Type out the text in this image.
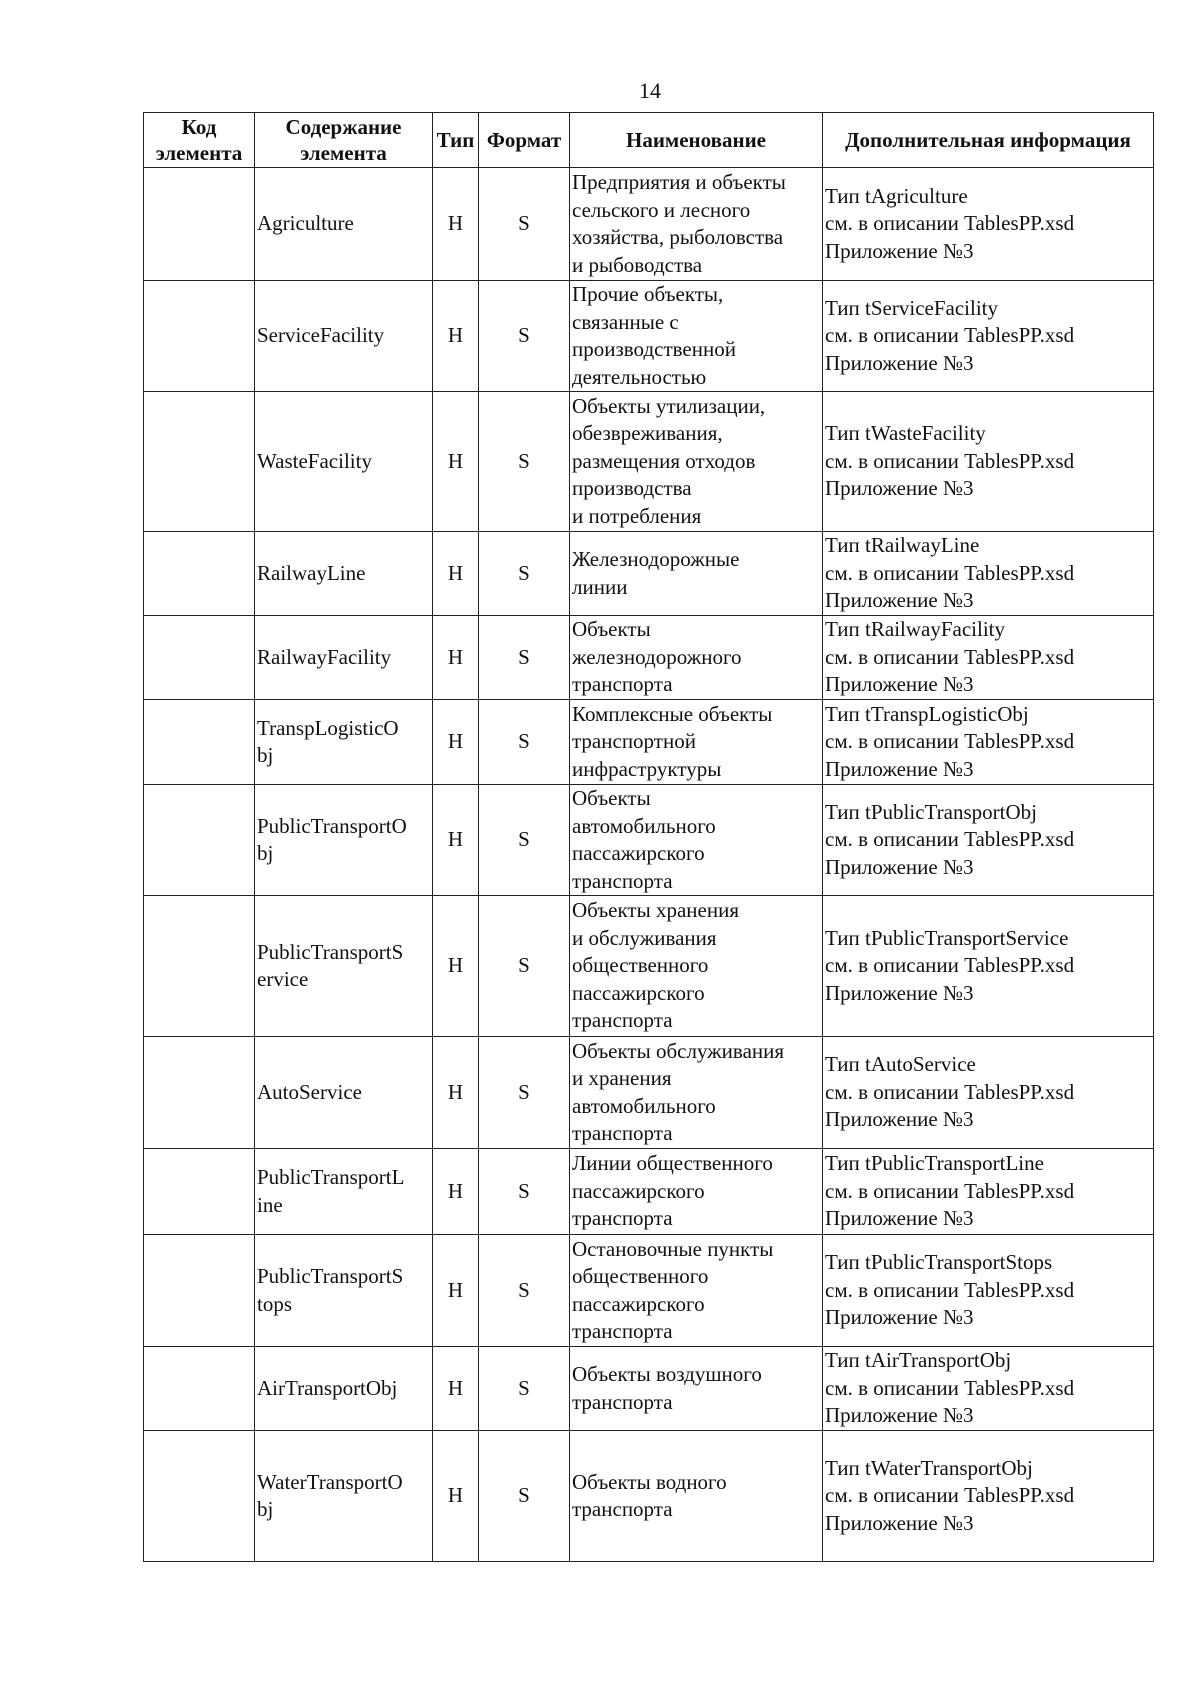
14
Код элемента	Содержание элемента	Тип	Формат	Наименование	Дополнительная информация

	Agriculture	Н	S	Предприятия и объекты
сельского и лесного
хозяйства, рыболовства
и рыбоводства	Тип tAgriculture
см. в описании TablesPP.xsd
Приложение №3

	ServiceFacility	Н	S	Прочие объекты,
связанные с
производственной
деятельностью	Тип tServiceFacility
см. в описании TablesPP.xsd
Приложение №3

	WasteFacility	Н	S	Объекты утилизации,
обезвреживания,
размещения отходов
производства
и потребления	Тип tWasteFacility
см. в описании TablesPP.xsd
Приложение №3

	RailwayLine	Н	S	Железнодорожные
линии	Тип tRailwayLine
см. в описании TablesPP.xsd
Приложение №3

	RailwayFacility	Н	S	Объекты
железнодорожного
транспорта	Тип tRailwayFacility
см. в описании TablesPP.xsd
Приложение №3

	TranspLogisticO
bj	Н	S	Комплексные объекты
транспортной
инфраструктуры	Тип tTranspLogisticObj
см. в описании TablesPP.xsd
Приложение №3

	PublicTransportO
bj	Н	S	Объекты
автомобильного
пассажирского
транспорта	Тип tPublicTransportObj
см. в описании TablesPP.xsd
Приложение №3

	PublicTransportS
ervice	Н	S	Объекты хранения
и обслуживания
общественного
пассажирского
транспорта	Тип tPublicTransportService
см. в описании TablesPP.xsd
Приложение №3

	AutoService	Н	S	Объекты обслуживания
и хранения
автомобильного
транспорта	Тип tAutoService
см. в описании TablesPP.xsd
Приложение №3

	PublicTransportL
ine	Н	S	Линии общественного
пассажирского
транспорта	Тип tPublicTransportLine
см. в описании TablesPP.xsd
Приложение №3

	PublicTransportS
tops	Н	S	Остановочные пункты
общественного
пассажирского
транспорта	Тип tPublicTransportStops
см. в описании TablesPP.xsd
Приложение №3

	AirTransportObj	Н	S	Объекты воздушного
транспорта	Тип tAirTransportObj
см. в описании TablesPP.xsd
Приложение №3

	WaterTransportO
bj	Н	S	Объекты водного
транспорта	Тип tWaterTransportObj
см. в описании TablesPP.xsd
Приложение №3
